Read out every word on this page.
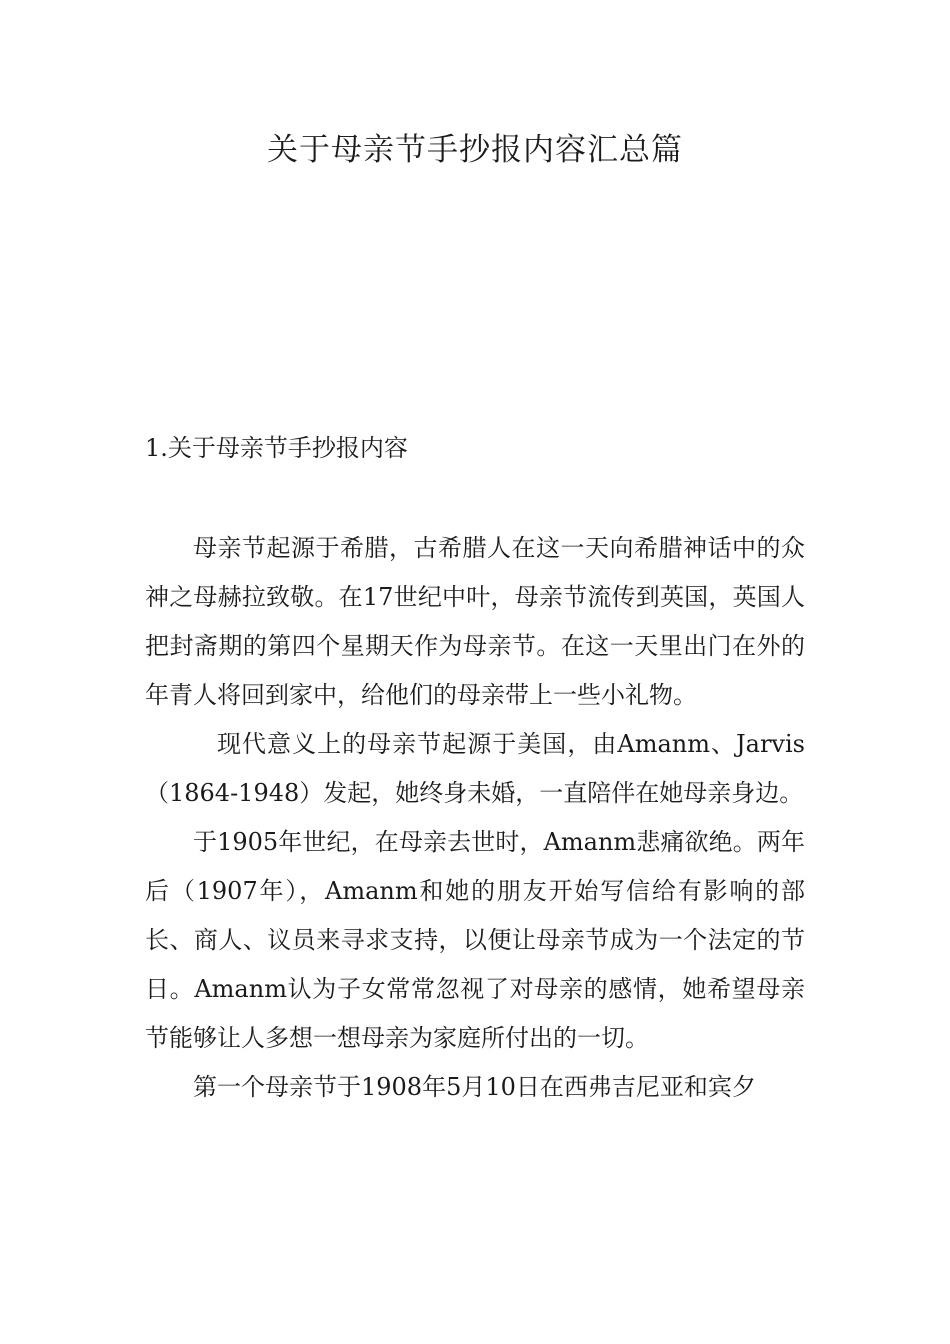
关于母亲节手抄报内容汇总篇
1.关于母亲节手抄报内容

母亲节起源于希腊，古希腊人在这一天向希腊神话中的众神之母赫拉致敬。在17世纪中叶，母亲节流传到英国，英国人把封斋期的第四个星期天作为母亲节。在这一天里出门在外的年青人将回到家中，给他们的母亲带上一些小礼物。

现代意义上的母亲节起源于美国，由Amanm、Jarvis（1864-1948）发起，她终身未婚，一直陪伴在她母亲身边。

于1905年世纪，在母亲去世时，Amanm悲痛欲绝。两年后（1907年），Amanm和她的朋友开始写信给有影响的部长、商人、议员来寻求支持，以便让母亲节成为一个法定的节日。Amanm认为子女常常忽视了对母亲的感情，她希望母亲节能够让人多想一想母亲为家庭所付出的一切。

第一个母亲节于1908年5月10日在西弗吉尼亚和宾夕
